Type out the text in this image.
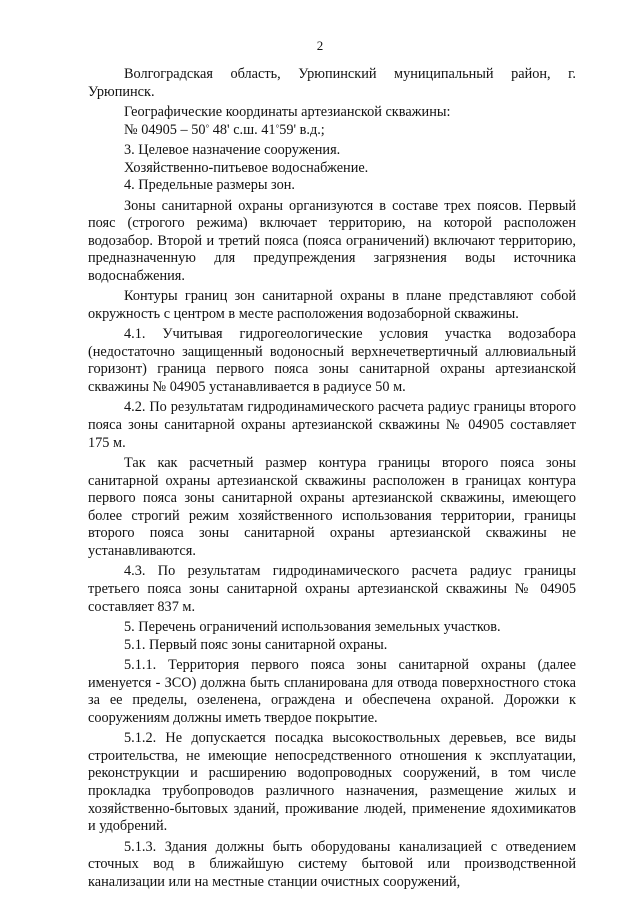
2

Волгоградская область, Урюпинский муниципальный район, г. Урюпинск.

Географические координаты артезианской скважины:

№ 04905 – 50° 48' с.ш. 41°59' в.д.;

3. Целевое назначение сооружения.

Хозяйственно-питьевое водоснабжение.

4. Предельные размеры зон.

Зоны санитарной охраны организуются в составе трех поясов. Первый пояс (строгого режима) включает территорию, на которой расположен водозабор. Второй и третий пояса (пояса ограничений) включают территорию, предназначенную для предупреждения загрязнения воды источника водоснабжения.

Контуры границ зон санитарной охраны в плане представляют собой окружность с центром в месте расположения водозаборной скважины.

4.1. Учитывая гидрогеологические условия участка водозабора (недостаточно защищенный водоносный верхнечетвертичный аллювиальный горизонт) граница первого пояса зоны санитарной охраны артезианской скважины № 04905 устанавливается в радиусе 50 м.

4.2. По результатам гидродинамического расчета радиус границы второго пояса зоны санитарной охраны артезианской скважины № 04905 составляет 175 м.

Так как расчетный размер контура границы второго пояса зоны санитарной охраны артезианской скважины расположен в границах контура первого пояса зоны санитарной охраны артезианской скважины, имеющего более строгий режим хозяйственного использования территории, границы второго пояса зоны санитарной охраны артезианской скважины не устанавливаются.

4.3. По результатам гидродинамического расчета радиус границы третьего пояса зоны санитарной охраны артезианской скважины № 04905 составляет 837 м.

5. Перечень ограничений использования земельных участков.

5.1. Первый пояс зоны санитарной охраны.

5.1.1. Территория первого пояса зоны санитарной охраны (далее именуется - ЗСО) должна быть спланирована для отвода поверхностного стока за ее пределы, озеленена, ограждена и обеспечена охраной. Дорожки к сооружениям должны иметь твердое покрытие.

5.1.2. Не допускается посадка высокоствольных деревьев, все виды строительства, не имеющие непосредственного отношения к эксплуатации, реконструкции и расширению водопроводных сооружений, в том числе прокладка трубопроводов различного назначения, размещение жилых и хозяйственно-бытовых зданий, проживание людей, применение ядохимикатов и удобрений.

5.1.3. Здания должны быть оборудованы канализацией с отведением сточных вод в ближайшую систему бытовой или производственной канализации или на местные станции очистных сооружений,
